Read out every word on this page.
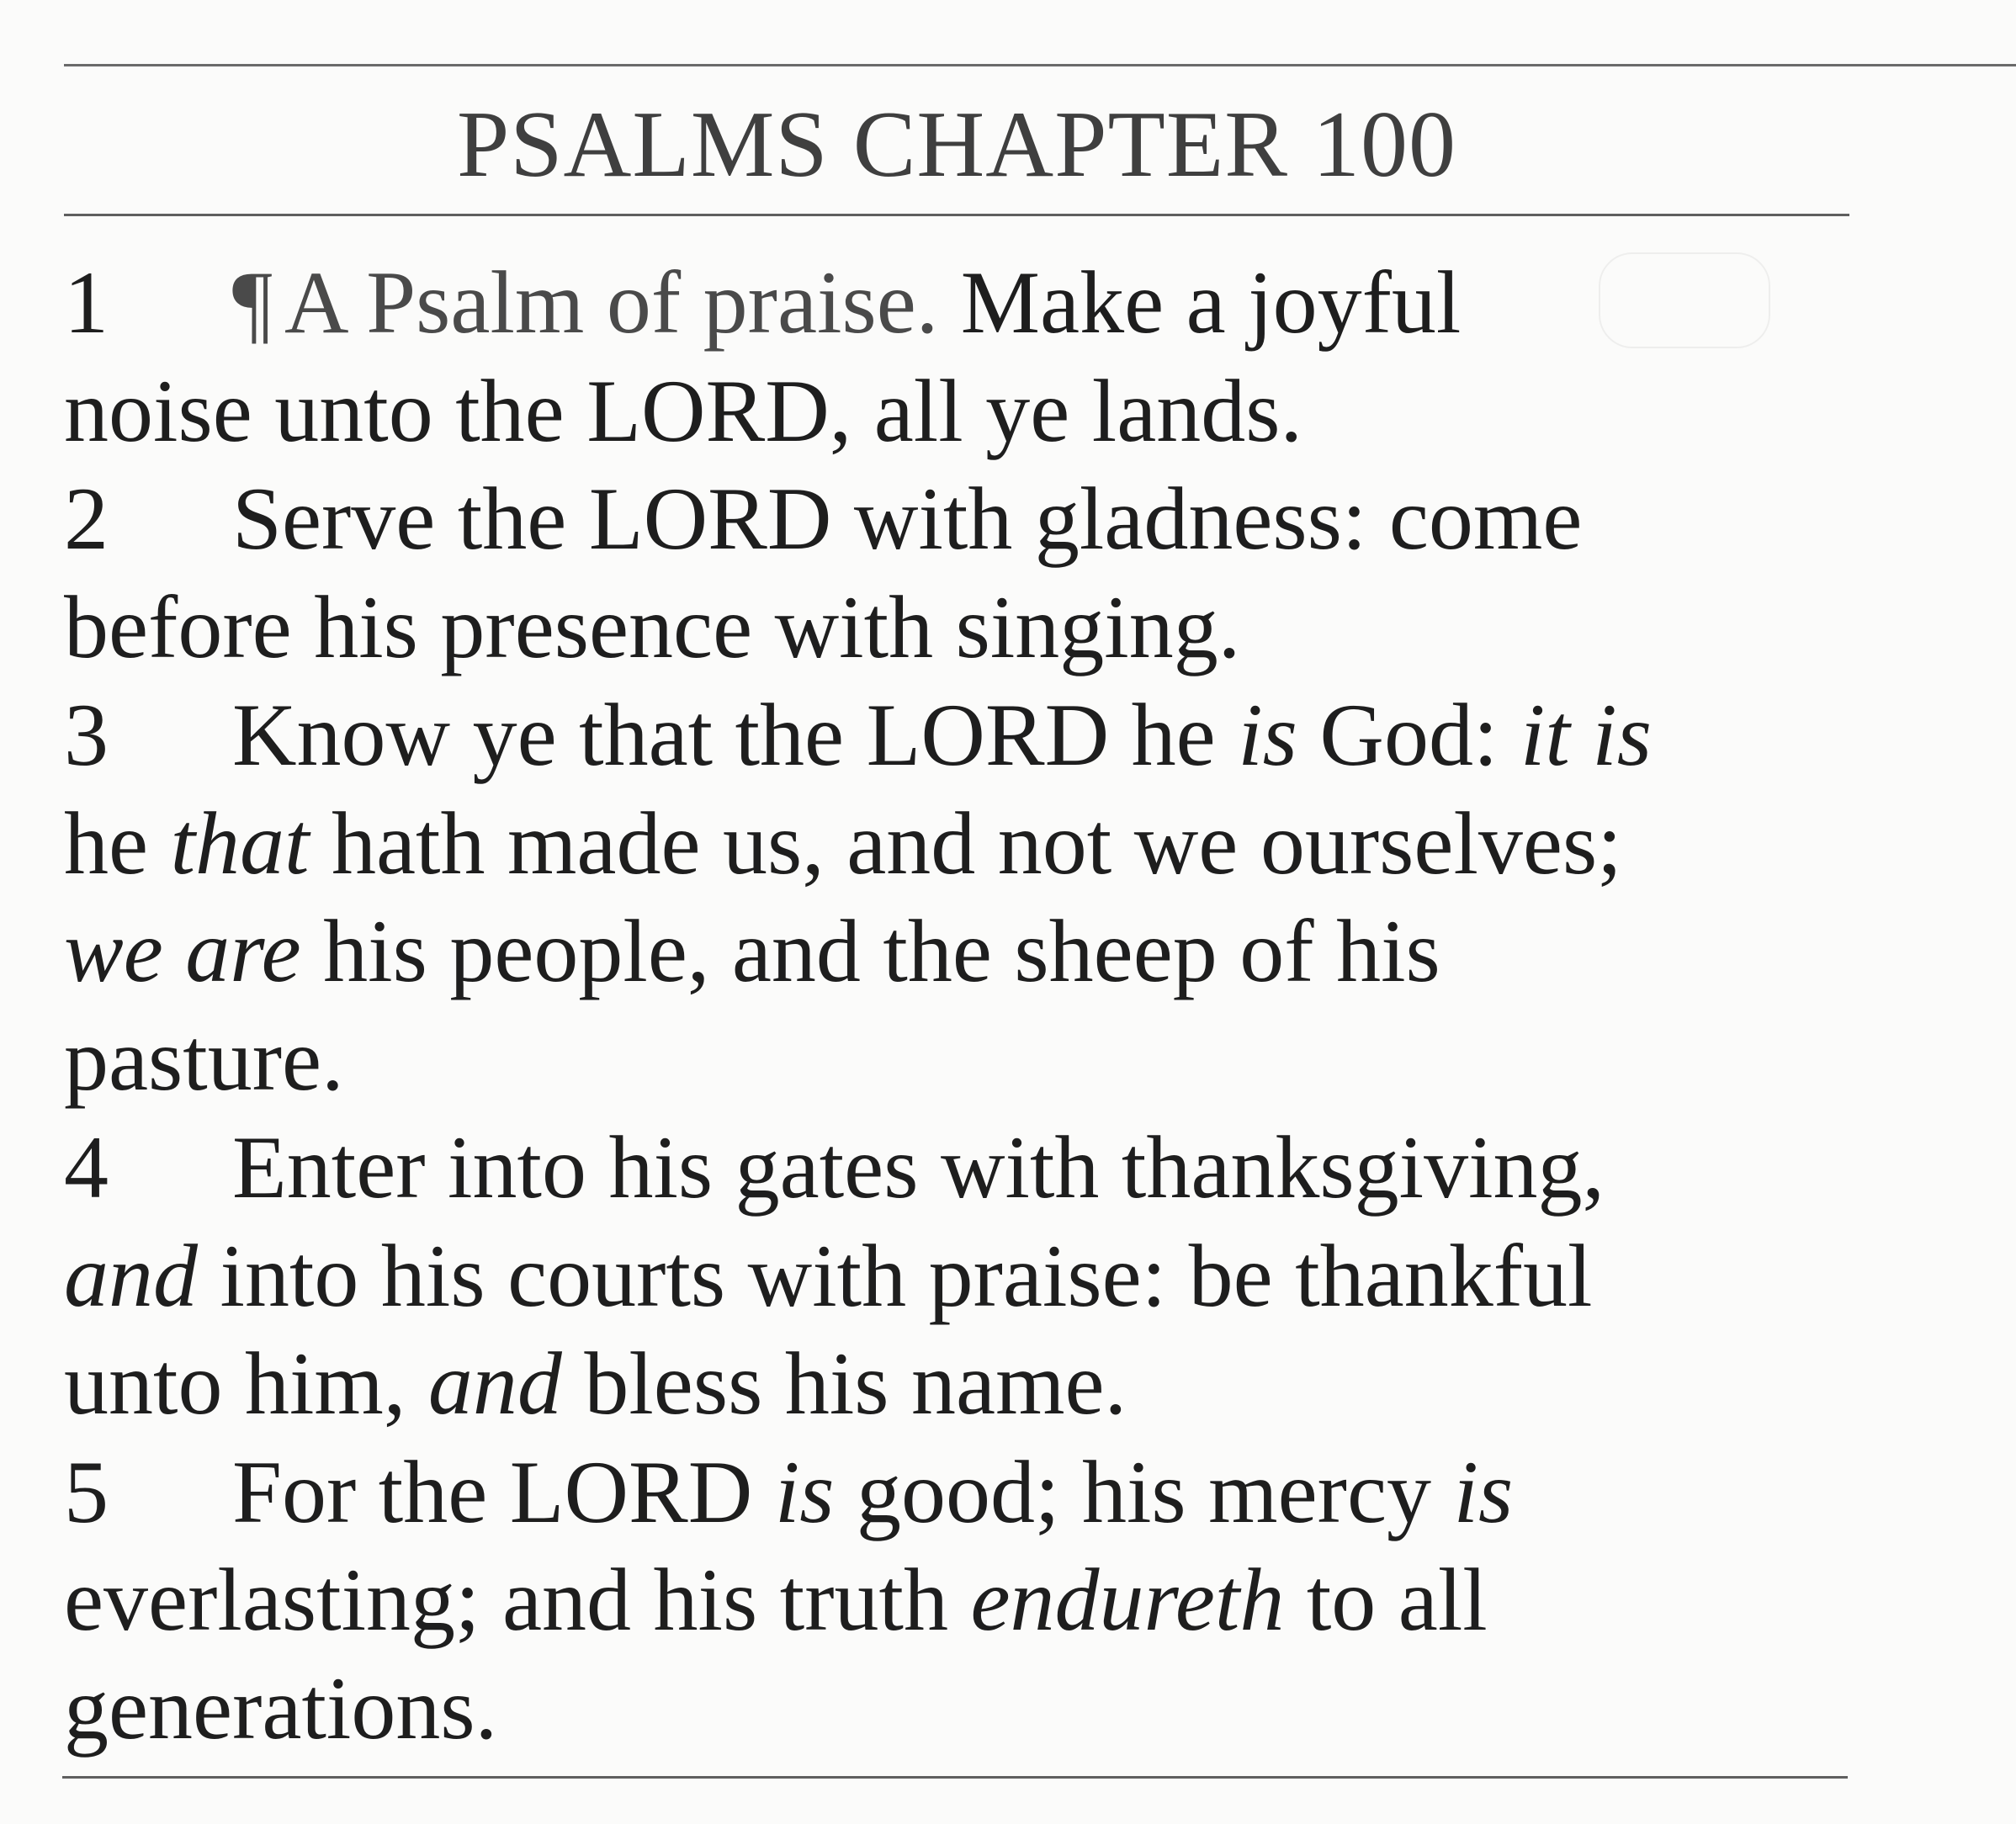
PSALMS CHAPTER 100
1 ¶ A Psalm of praise. Make a joyful
noise unto the LORD, all ye lands.
2 Serve the LORD with gladness: come
before his presence with singing.
3 Know ye that the LORD he is God: it is
he that hath made us, and not we ourselves;
we are his people, and the sheep of his
pasture.
4 Enter into his gates with thanksgiving,
and into his courts with praise: be thankful
unto him, and bless his name.
5 For the LORD is good; his mercy is
everlasting; and his truth endureth to all
generations.
